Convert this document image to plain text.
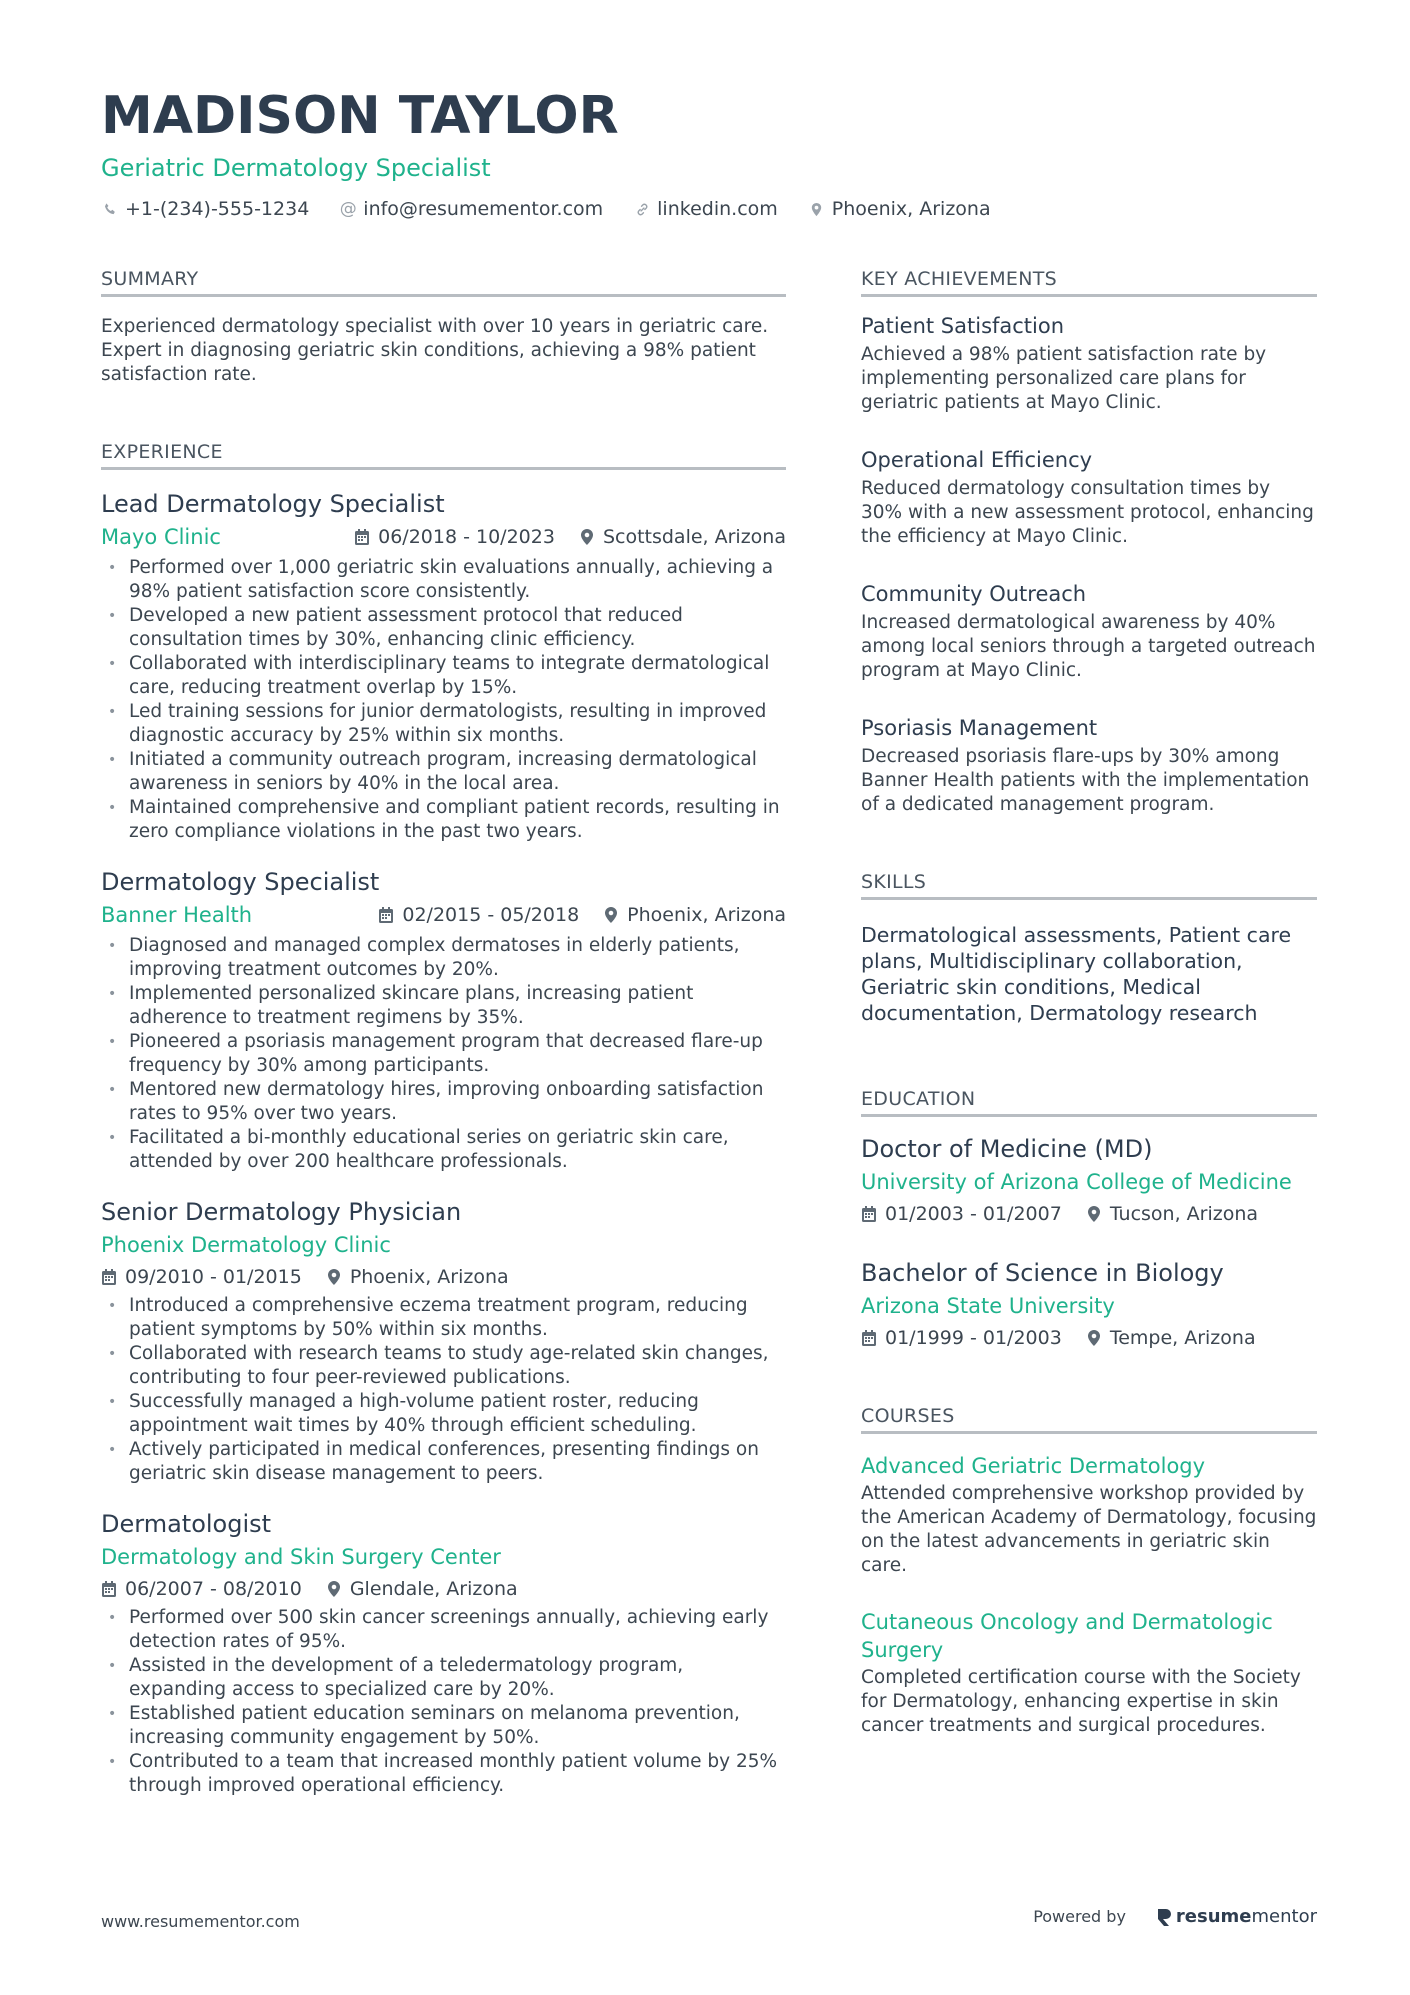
MADISON TAYLOR
Geriatric Dermatology Specialist
+1-(234)-555-1234 @ info@resumementor.com	linkedin.com	Phoenix, Arizona
SUMMARY

Experienced dermatology specialist with over 10 years in geriatric care. Expert in diagnosing geriatric skin conditions, achieving a 98% patient satisfaction rate.

EXPERIENCE
Lead Dermatology Specialist
Mayo Clinic	06/2018 - 10/2023	Scottsdale, Arizona
• Performed over 1,000 geriatric skin evaluations annually, achieving a 98% patient satisfaction score consistently.
• Developed a new patient assessment protocol that reduced consultation times by 30%, enhancing clinic efficiency.
• Collaborated with interdisciplinary teams to integrate dermatological care, reducing treatment overlap by 15%.
• Led training sessions for junior dermatologists, resulting in improved diagnostic accuracy by 25% within six months.
• Initiated a community outreach program, increasing dermatological awareness in seniors by 40% in the local area.
• Maintained comprehensive and compliant patient records, resulting in zero compliance violations in the past two years.
Dermatology Specialist
Banner Health	02/2015 - 05/2018	Phoenix, Arizona
• Diagnosed and managed complex dermatoses in elderly patients, improving treatment outcomes by 20%.
• Implemented personalized skincare plans, increasing patient adherence to treatment regimens by 35%.
• Pioneered a psoriasis management program that decreased flare-up frequency by 30% among participants.
• Mentored new dermatology hires, improving onboarding satisfaction rates to 95% over two years.
• Facilitated a bi-monthly educational series on geriatric skin care, attended by over 200 healthcare professionals.
Senior Dermatology Physician
Phoenix Dermatology Clinic
09/2010 - 01/2015	Phoenix, Arizona
• Introduced a comprehensive eczema treatment program, reducing patient symptoms by 50% within six months.
• Collaborated with research teams to study age-related skin changes, contributing to four peer-reviewed publications.
• Successfully managed a high-volume patient roster, reducing appointment wait times by 40% through efficient scheduling.
• Actively participated in medical conferences, presenting findings on geriatric skin disease management to peers.
Dermatologist
Dermatology and Skin Surgery Center
06/2007 - 08/2010	Glendale, Arizona
• Performed over 500 skin cancer screenings annually, achieving early detection rates of 95%.
• Assisted in the development of a teledermatology program, expanding access to specialized care by 20%.
• Established patient education seminars on melanoma prevention, increasing community engagement by 50%.
• Contributed to a team that increased monthly patient volume by 25% through improved operational efficiency.
KEY ACHIEVEMENTS
Patient Satisfaction
Achieved a 98% patient satisfaction rate by implementing personalized care plans for geriatric patients at Mayo Clinic.
Operational Efficiency
Reduced dermatology consultation times by 30% with a new assessment protocol, enhancing the efficiency at Mayo Clinic.
Community Outreach
Increased dermatological awareness by 40% among local seniors through a targeted outreach program at Mayo Clinic.
Psoriasis Management
Decreased psoriasis flare-ups by 30% among Banner Health patients with the implementation of a dedicated management program.
SKILLS
Dermatological assessments, Patient care plans, Multidisciplinary collaboration, Geriatric skin conditions, Medical documentation, Dermatology research
EDUCATION
Doctor of Medicine (MD)
University of Arizona College of Medicine
01/2003 - 01/2007	Tucson, Arizona
Bachelor of Science in Biology
Arizona State University
01/1999 - 01/2003	Tempe, Arizona
COURSES
Advanced Geriatric Dermatology
Attended comprehensive workshop provided by the American Academy of Dermatology, focusing on the latest advancements in geriatric skin care.
Cutaneous Oncology and Dermatologic Surgery
Completed certification course with the Society for Dermatology, enhancing expertise in skin cancer treatments and surgical procedures.
www.resumementor.com	Powered by	resume mentor
